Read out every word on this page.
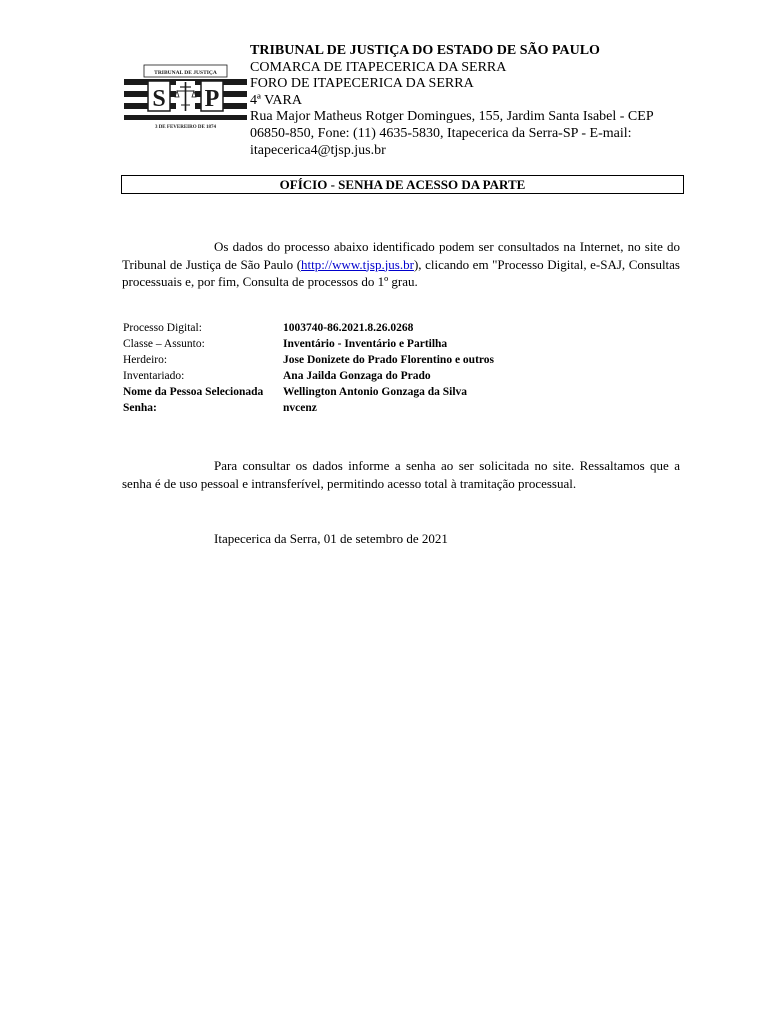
TRIBUNAL DE JUSTIÇA
S P
3 DE FEVEREIRO DE 1874
TRIBUNAL DE JUSTIÇA DO ESTADO DE SÃO PAULO
COMARCA DE ITAPECERICA DA SERRA
FORO DE ITAPECERICA DA SERRA
4ª VARA
Rua Major Matheus Rotger Domingues, 155, Jardim Santa Isabel - CEP 06850-850, Fone: (11) 4635-5830, Itapecerica da Serra-SP - E-mail: itapecerica4@tjsp.jus.br
OFÍCIO - SENHA DE ACESSO DA PARTE
Os dados do processo abaixo identificado podem ser consultados na Internet, no site do Tribunal de Justiça de São Paulo (http://www.tjsp.jus.br), clicando em "Processo Digital, e-SAJ, Consultas processuais e, por fim, Consulta de processos do 1º grau.
Processo Digital:	1003740-86.2021.8.26.0268
Classe – Assunto:	Inventário - Inventário e Partilha
Herdeiro:	Jose Donizete do Prado Florentino e outros
Inventariado:	Ana Jailda Gonzaga do Prado
Nome da Pessoa Selecionada	Wellington Antonio Gonzaga da Silva
Senha:	nvcenz
Para consultar os dados informe a senha ao ser solicitada no site. Ressaltamos que a senha é de uso pessoal e intransferível, permitindo acesso total à tramitação processual.
Itapecerica da Serra, 01 de setembro de 2021
